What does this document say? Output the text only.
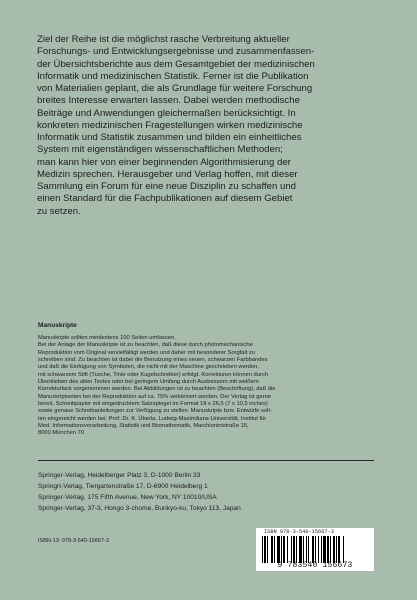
Ziel der Reihe ist die möglichst rasche Verbreitung aktueller
Forschungs- und Entwicklungsergebnisse und zusammenfassen-
der Übersichtsberichte aus dem Gesamtgebiet der medizinischen
Informatik und medizinischen Statistik. Ferner ist die Publikation
von Materialien geplant, die als Grundlage für weitere Forschung
breites Interesse erwarten lassen. Dabei werden methodische
Beiträge und Anwendungen gleichermaßen berücksichtigt. In
konkreten medizinischen Fragestellungen wirken medizinische
Informatik und Statistik zusammen und bilden ein einheitliches
System mit eigenständigen wissenschaftlichen Methoden;
man kann hier von einer beginnenden Algorithmisierung der
Medizin sprechen. Herausgeber und Verlag hoffen, mit dieser
Sammlung ein Forum für eine neue Disziplin zu schaffen und
einen Standard für die Fachpublikationen auf diesem Gebiet
zu setzen.
Manuskripte
Manuskripte sollten mindestens 100 Seiten umfassen.
Bei der Anlage der Manuskripte ist zu beachten, daß diese durch photomechanische
Reproduktion vom Original vervielfältigt werden und daher mit besonderer Sorgfalt zu
schreiben sind. Zu beachten ist dabei die Benutzung eines neuen, schwarzen Farbbandes
und daß die Einfügung von Symbolen, die nicht mit der Maschine geschrieben werden,
mit schwarzem Stift (Tusche, Tinte oder Kugelschreiber) erfolgt. Korrekturen können durch
Überkleben des alten Textes oder bei geringem Umfang durch Ausbessern mit weißem
Korrekturlack vorgenommen werden. Bei Abbildungen ist zu beachten (Beschriftung), daß die
Manuskriptseiten bei der Reproduktion auf ca. 75% verkleinert werden. Der Verlag ist gerne
bereit, Schreibpapier mit eingedrucktem Satzspiegel im Format 18 x 26,5 (7 x 10,5 inches)
sowie genaue Schreibanleitungen zur Verfügung zu stellen. Manuskripte bzw. Entwürfe soll-
ten eingereicht werden bei: Prof. Dr. K. Überla, Ludwig-Maximilians-Universität, Institut für
Med. Informationsverarbeitung, Statistik und Biomathematik, Marchioninistraße 15,
8000 München 70
Springer-Verlag, Heidelberger Platz 3, D-1000 Berlin 33
Springrt-Verlag, Tiergartenstraße 17, D-6900 Heidelberg 1
Springer-Verlag, 175 Fifth Avenue, New York, NY 10010/USA
Springer-Verlag, 37-3, Hongo 3-chome, Bunkyo-ku, Tokyo 113, Japan
ISBN-13: 978-3-540-15667-3
ISBN 978-3-540-15667-3
9 783540 156673
